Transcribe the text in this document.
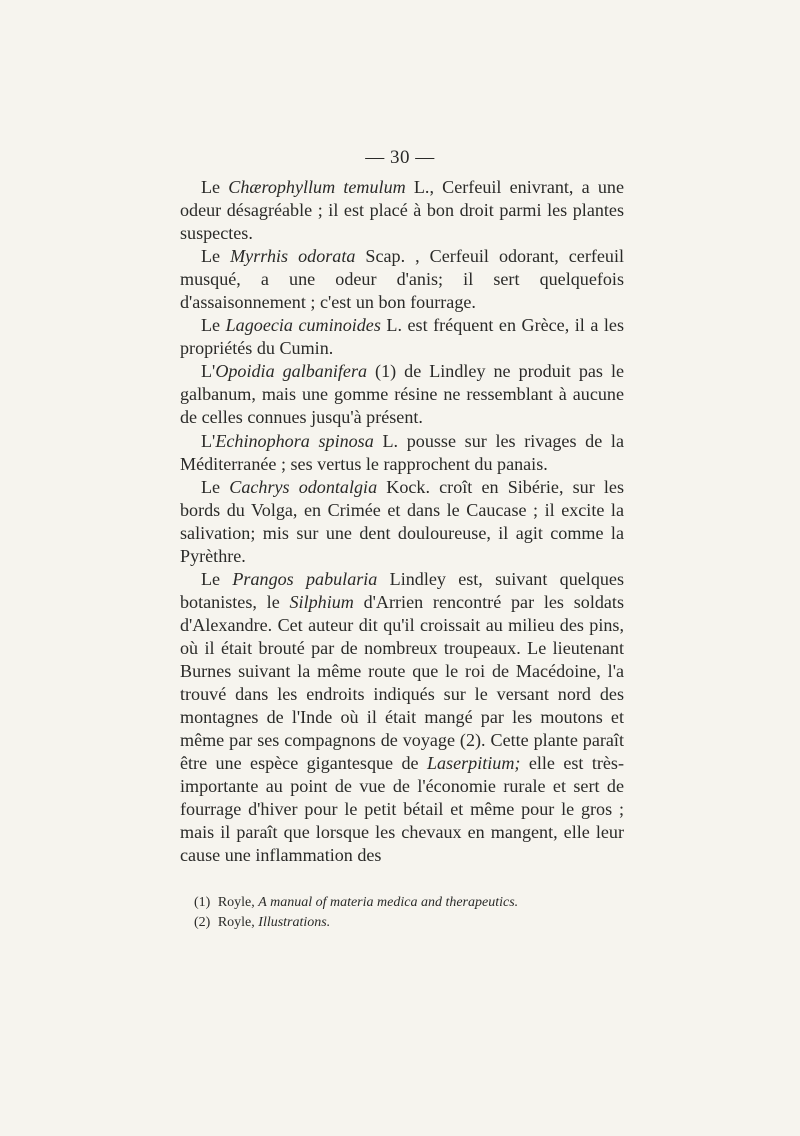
— 30 —

Le Chærophyllum temulum L., Cerfeuil enivrant, a une odeur désagréable ; il est placé à bon droit parmi les plantes suspectes.

Le Myrrhis odorata Scap. , Cerfeuil odorant, cerfeuil musqué, a une odeur d'anis; il sert quelquefois d'assaisonnement ; c'est un bon fourrage.

Le Lagoecia cuminoides L. est fréquent en Grèce, il a les propriétés du Cumin.

L'Opoidia galbanifera (1) de Lindley ne produit pas le galbanum, mais une gomme résine ne ressemblant à aucune de celles connues jusqu'à présent.

L'Echinophora spinosa L. pousse sur les rivages de la Méditerranée ; ses vertus le rapprochent du panais.

Le Cachrys odontalgia Kock. croît en Sibérie, sur les bords du Volga, en Crimée et dans le Caucase ; il excite la salivation; mis sur une dent douloureuse, il agit comme la Pyrèthre.

Le Prangos pabularia Lindley est, suivant quelques botanistes, le Silphium d'Arrien rencontré par les soldats d'Alexandre. Cet auteur dit qu'il croissait au milieu des pins, où il était brouté par de nombreux troupeaux. Le lieutenant Burnes suivant la même route que le roi de Macédoine, l'a trouvé dans les endroits indiqués sur le versant nord des montagnes de l'Inde où il était mangé par les moutons et même par ses compagnons de voyage (2). Cette plante paraît être une espèce gigantesque de Laserpitium; elle est très-importante au point de vue de l'économie rurale et sert de fourrage d'hiver pour le petit bétail et même pour le gros ; mais il paraît que lorsque les chevaux en mangent, elle leur cause une inflammation des

(1) Royle, A manual of materia medica and therapeutics.

(2) Royle, Illustrations.
